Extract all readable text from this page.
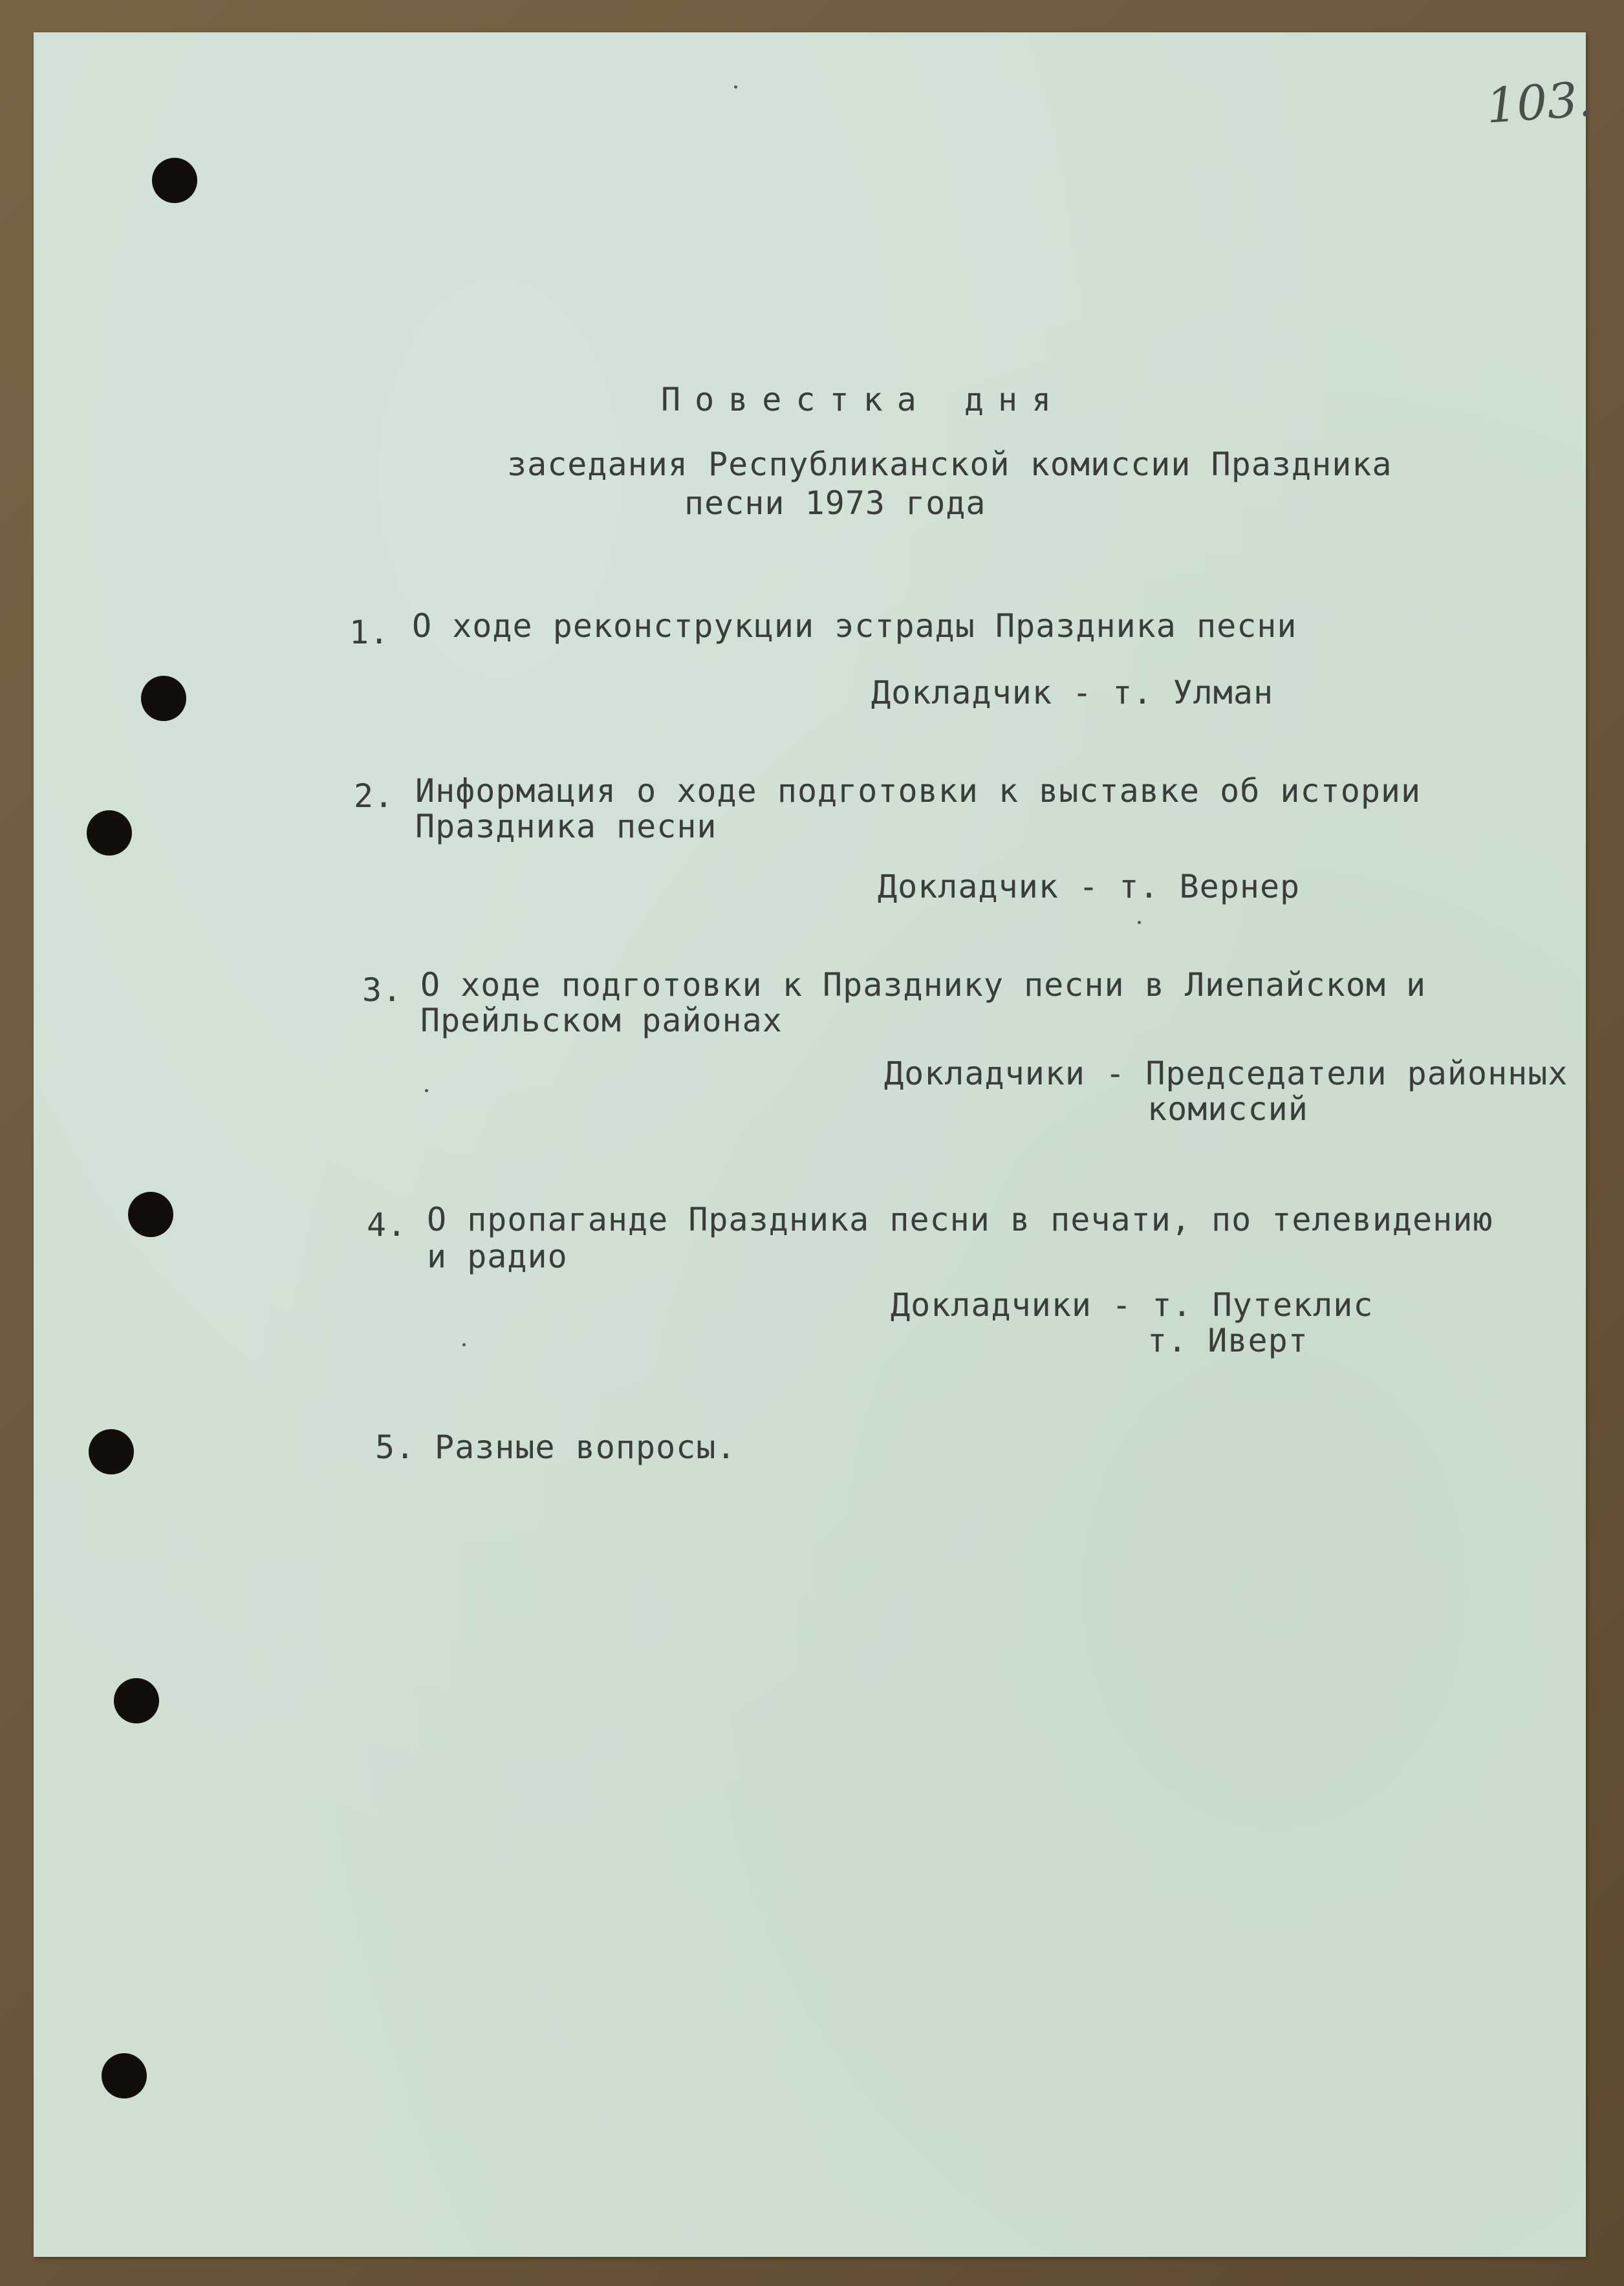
103.
Повестка дня
заседания Республиканской комиссии Праздника
песни 1973 года
1. О ходе реконструкции эстрады Праздника песни
Докладчик - т. Улман
2. Информация о ходе подготовки к выставке об истории
Праздника песни
Докладчик - т. Вернер
3. О ходе подготовки к Празднику песни в Лиепайском и
Прейльском районах
Докладчики - Председатели районных
комиссий
4. О пропаганде Праздника песни в печати, по телевидению
и радио
Докладчики - т. Путеклис
т. Иверт
5. Разные вопросы.
